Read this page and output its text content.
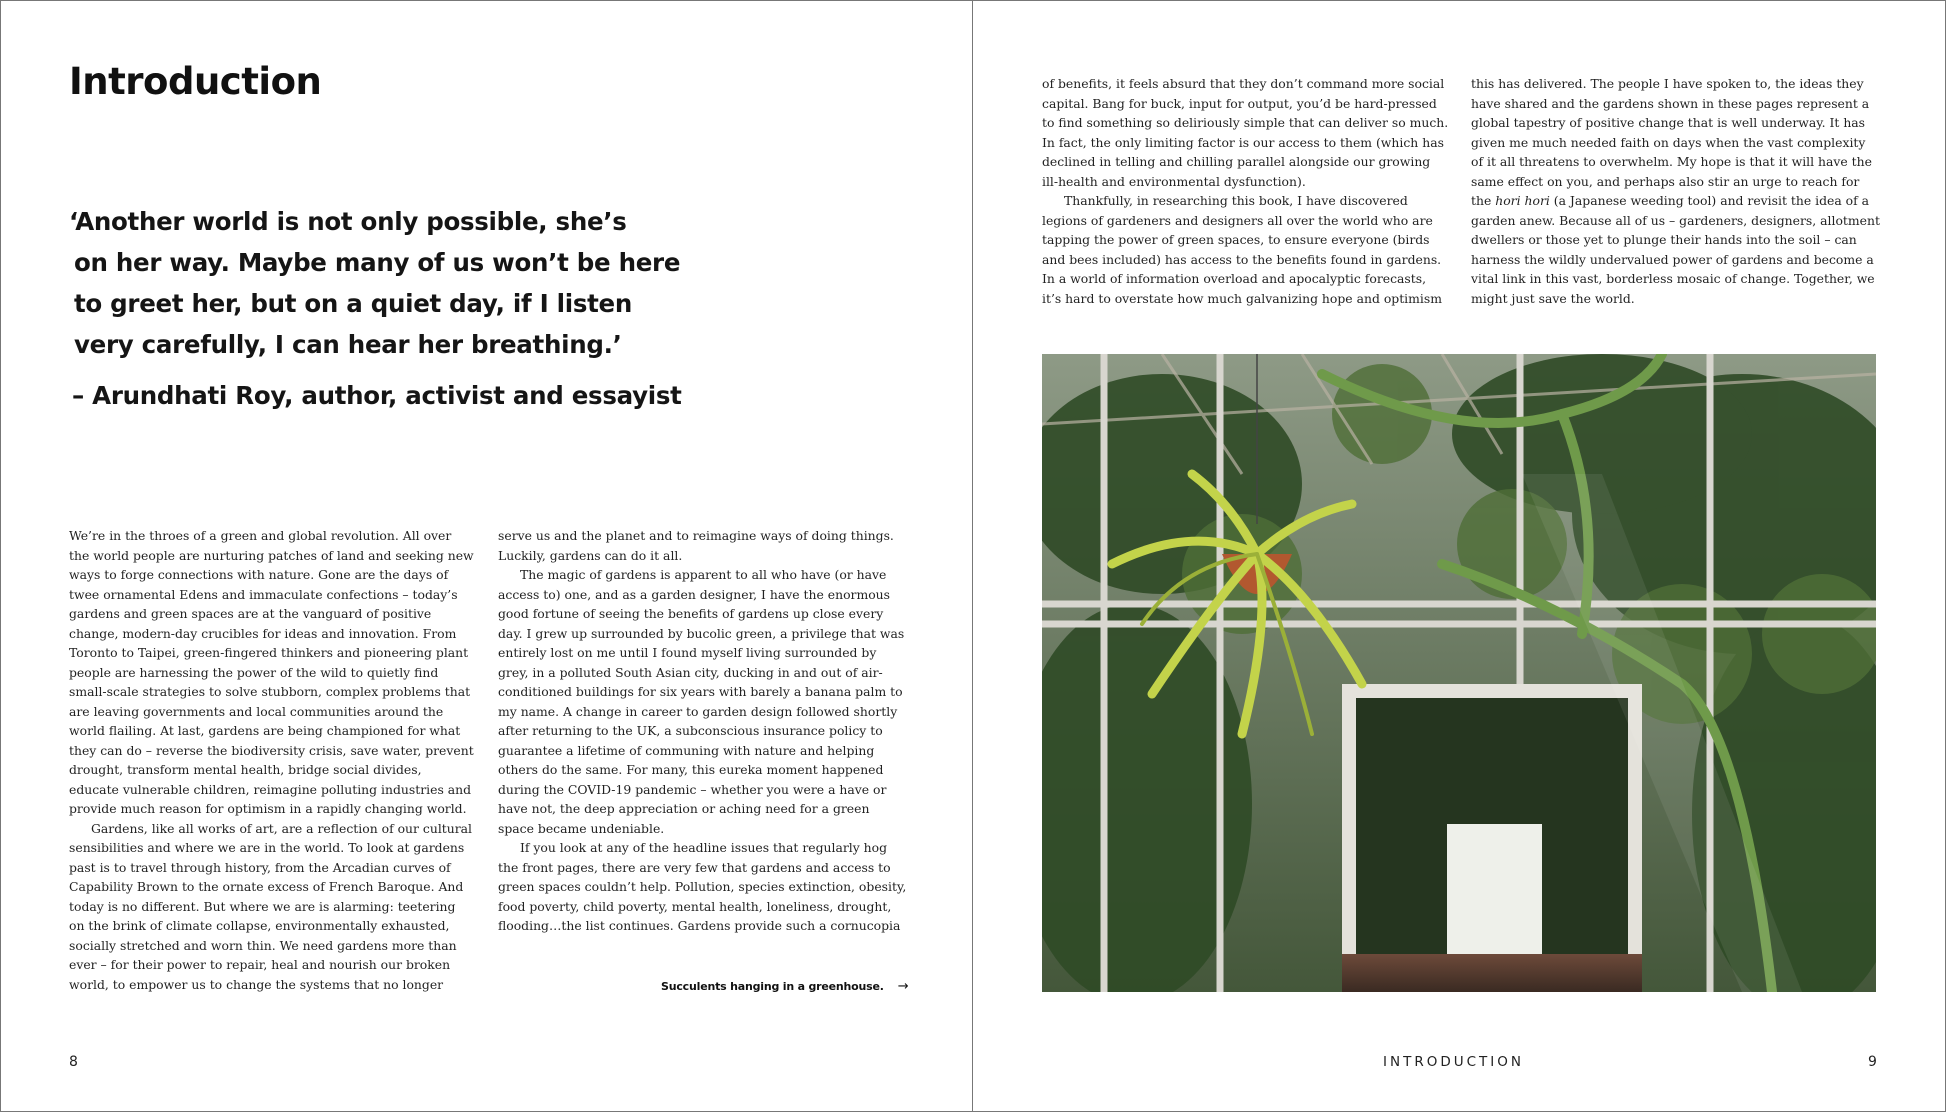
Introduction
‘Another world is not only possible, she’s
on her way. Maybe many of us won’t be here
to greet her, but on a quiet day, if I listen
very carefully, I can hear her breathing.’

– Arundhati Roy, author, activist and essayist

We’re in the throes of a green and global revolution. All over the world people are nurturing patches of land and seeking new ways to forge connections with nature. Gone are the days of twee ornamental Edens and immaculate confections – today’s gardens and green spaces are at the vanguard of positive change, modern-day crucibles for ideas and innovation. From Toronto to Taipei, green-fingered thinkers and pioneering plant people are harnessing the power of the wild to quietly find small-scale strategies to solve stubborn, complex problems that are leaving governments and local communities around the world flailing. At last, gardens are being championed for what they can do – reverse the biodiversity crisis, save water, prevent drought, transform mental health, bridge social divides, educate vulnerable children, reimagine polluting industries and provide much reason for optimism in a rapidly changing world.

Gardens, like all works of art, are a reflection of our cultural sensibilities and where we are in the world. To look at gardens past is to travel through history, from the Arcadian curves of Capability Brown to the ornate excess of French Baroque. And today is no different. But where we are is alarming: teetering on the brink of climate collapse, environmentally exhausted, socially stretched and worn thin. We need gardens more than ever – for their power to repair, heal and nourish our broken world, to empower us to change the systems that no longer

serve us and the planet and to reimagine ways of doing things. Luckily, gardens can do it all.

The magic of gardens is apparent to all who have (or have access to) one, and as a garden designer, I have the enormous good fortune of seeing the benefits of gardens up close every day. I grew up surrounded by bucolic green, a privilege that was entirely lost on me until I found myself living surrounded by grey, in a polluted South Asian city, ducking in and out of air-conditioned buildings for six years with barely a banana palm to my name. A change in career to garden design followed shortly after returning to the UK, a subconscious insurance policy to guarantee a lifetime of communing with nature and helping others do the same. For many, this eureka moment happened during the COVID-19 pandemic – whether you were a have or have not, the deep appreciation or aching need for a green space became undeniable.

If you look at any of the headline issues that regularly hog the front pages, there are very few that gardens and access to green spaces couldn’t help. Pollution, species extinction, obesity, food poverty, child poverty, mental health, loneliness, drought, flooding…the list continues. Gardens provide such a cornucopia

Succulents hanging in a greenhouse. →
8

of benefits, it feels absurd that they don’t command more social capital. Bang for buck, input for output, you’d be hard-pressed to find something so deliriously simple that can deliver so much. In fact, the only limiting factor is our access to them (which has declined in telling and chilling parallel alongside our growing ill-health and environmental dysfunction).

Thankfully, in researching this book, I have discovered legions of gardeners and designers all over the world who are tapping the power of green spaces, to ensure everyone (birds and bees included) has access to the benefits found in gardens. In a world of information overload and apocalyptic forecasts, it’s hard to overstate how much galvanizing hope and optimism

this has delivered. The people I have spoken to, the ideas they have shared and the gardens shown in these pages represent a global tapestry of positive change that is well underway. It has given me much needed faith on days when the vast complexity of it all threatens to overwhelm. My hope is that it will have the same effect on you, and perhaps also stir an urge to reach for the hori hori (a Japanese weeding tool) and revisit the idea of a garden anew. Because all of us – gardeners, designers, allotment dwellers or those yet to plunge their hands into the soil – can harness the wildly undervalued power of gardens and become a vital link in this vast, borderless mosaic of change. Together, we might just save the world.

INTRODUCTION	9
